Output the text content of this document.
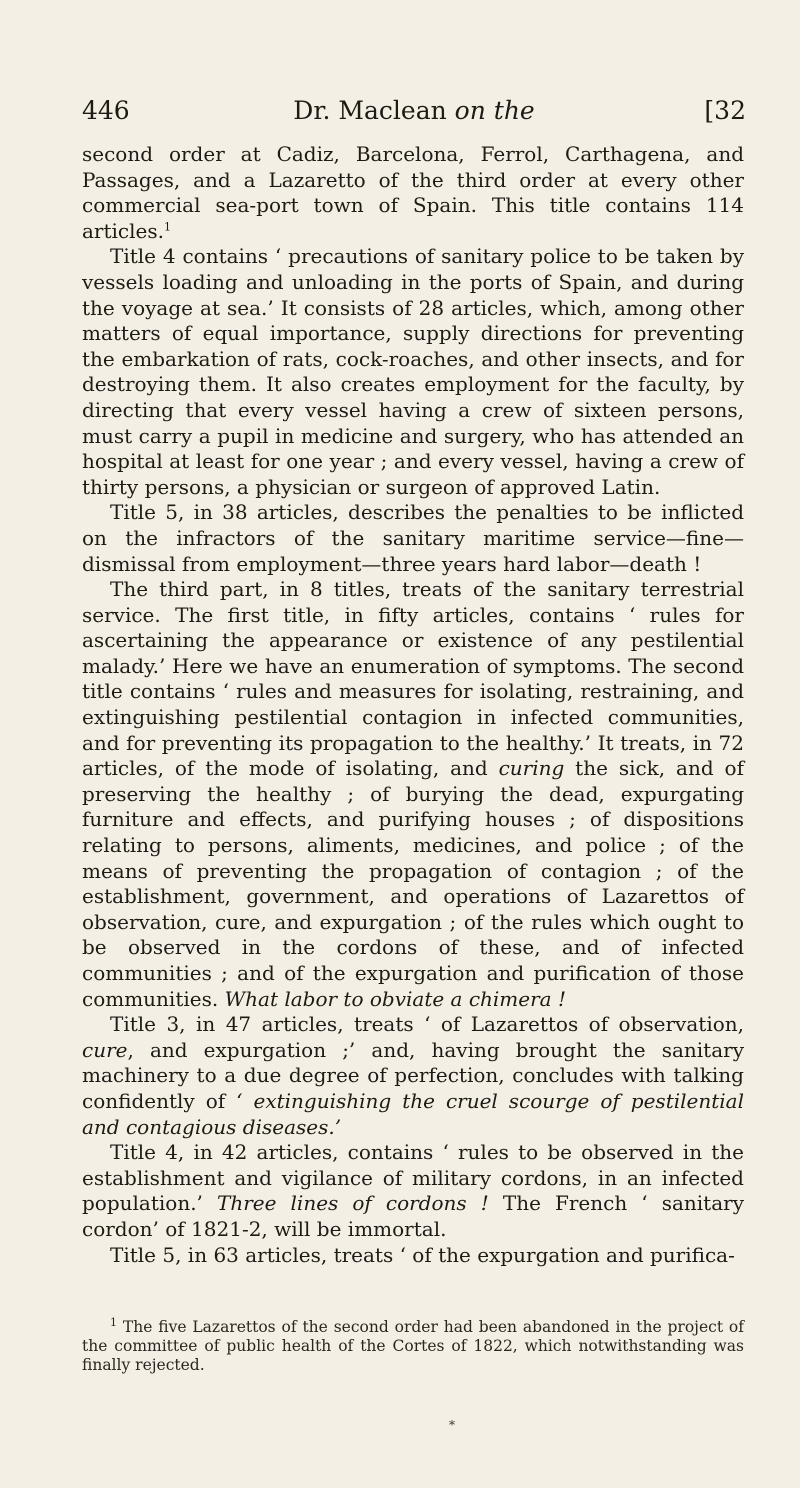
446	Dr. Maclean on the	[32

second order at Cadiz, Barcelona, Ferrol, Carthagena, and Passages, and a Lazaretto of the third order at every other commercial sea-port town of Spain. This title contains 114 articles.$^1$

Title 4 contains ‘ precautions of sanitary police to be taken by vessels loading and unloading in the ports of Spain, and during the voyage at sea.’ It consists of 28 articles, which, among other matters of equal importance, supply directions for preventing the embarkation of rats, cock-roaches, and other insects, and for destroying them. It also creates employment for the faculty, by directing that every vessel having a crew of sixteen persons, must carry a pupil in medicine and surgery, who has attended an hospital at least for one year ; and every vessel, having a crew of thirty persons, a physician or surgeon of approved Latin.

Title 5, in 38 articles, describes the penalties to be inflicted on the infractors of the sanitary maritime service—fine—dismissal from employment—three years hard labor—death !

The third part, in 8 titles, treats of the sanitary terrestrial service. The first title, in fifty articles, contains ‘ rules for ascertaining the appearance or existence of any pestilential malady.’ Here we have an enumeration of symptoms. The second title contains ‘ rules and measures for isolating, restraining, and extinguishing pestilential contagion in infected communities, and for preventing its propagation to the healthy.’ It treats, in 72 articles, of the mode of isolating, and curing the sick, and of preserving the healthy ; of burying the dead, expurgating furniture and effects, and purifying houses ; of dispositions relating to persons, aliments, medicines, and police ; of the means of preventing the propagation of contagion ; of the establishment, government, and operations of Lazarettos of observation, cure, and expurgation ; of the rules which ought to be observed in the cordons of these, and of infected communities ; and of the expurgation and purification of those communities. What labor to obviate a chimera !

Title 3, in 47 articles, treats ‘ of Lazarettos of observation, cure, and expurgation ;’ and, having brought the sanitary machinery to a due degree of perfection, concludes with talking confidently of ‘ extinguishing the cruel scourge of pestilential and contagious diseases.’

Title 4, in 42 articles, contains ‘ rules to be observed in the establishment and vigilance of military cordons, in an infected population.’ Three lines of cordons ! The French ‘ sanitary cordon’ of 1821-2, will be immortal.

Title 5, in 63 articles, treats ‘ of the expurgation and purifica-

$^1$ The five Lazarettos of the second order had been abandoned in the project of the committee of public health of the Cortes of 1822, which notwithstanding was finally rejected.
*
